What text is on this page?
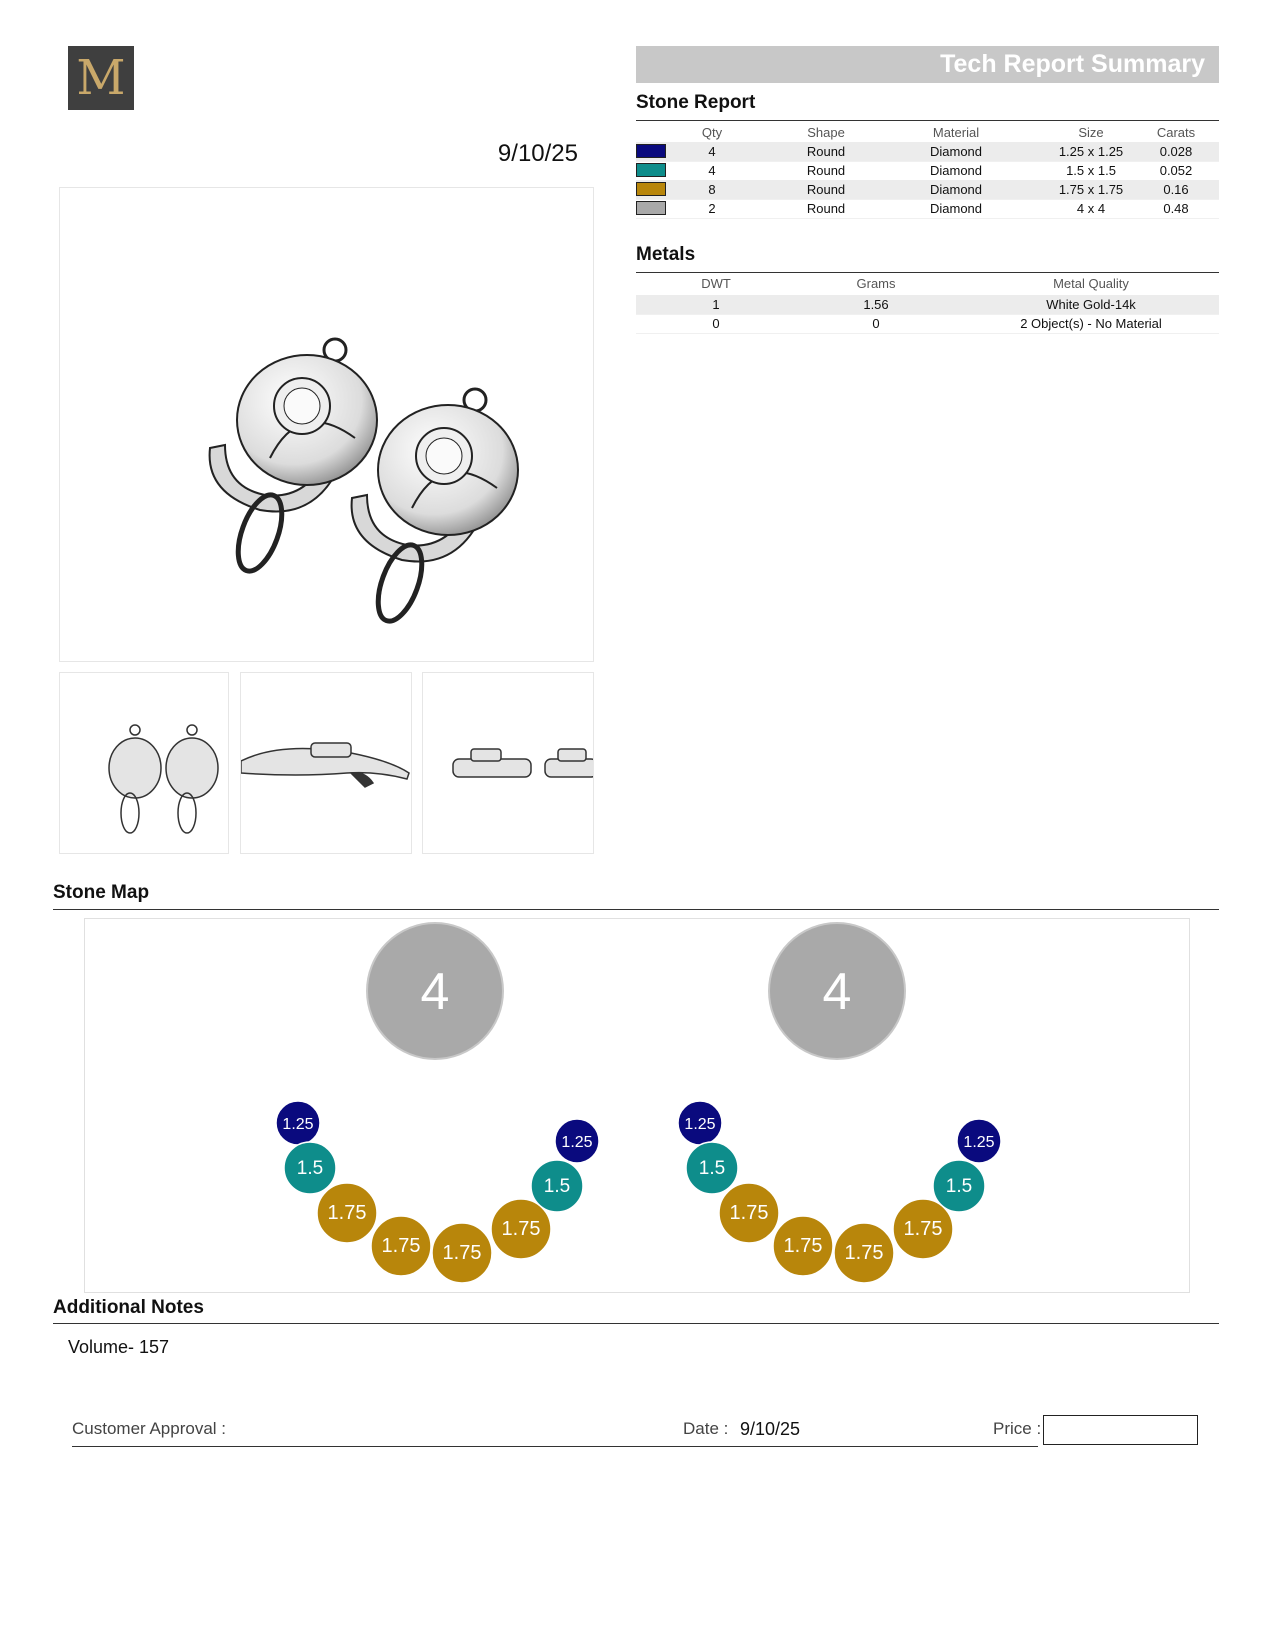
M
9/10/25
Tech Report Summary
Stone Report
Qty	Shape	Material	Size	Carats
4	Round	Diamond	1.25 x 1.25	0.028
4	Round	Diamond	1.5 x 1.5	0.052
8	Round	Diamond	1.75 x 1.75	0.16
2	Round	Diamond	4 x 4	0.48
Metals
DWT	Grams	Metal Quality
1	1.56	White Gold-14k
0	0	2 Object(s) - No Material
Stone Map
4
1.25
1.5
1.75
1.75 1.75
1.75
1.5
1.25
4
1.25
1.5
1.75
1.75 1.75
1.75
1.5
1.25
Additional Notes
Volume- 157
Customer Approval :	Date : 9/10/25	Price :
